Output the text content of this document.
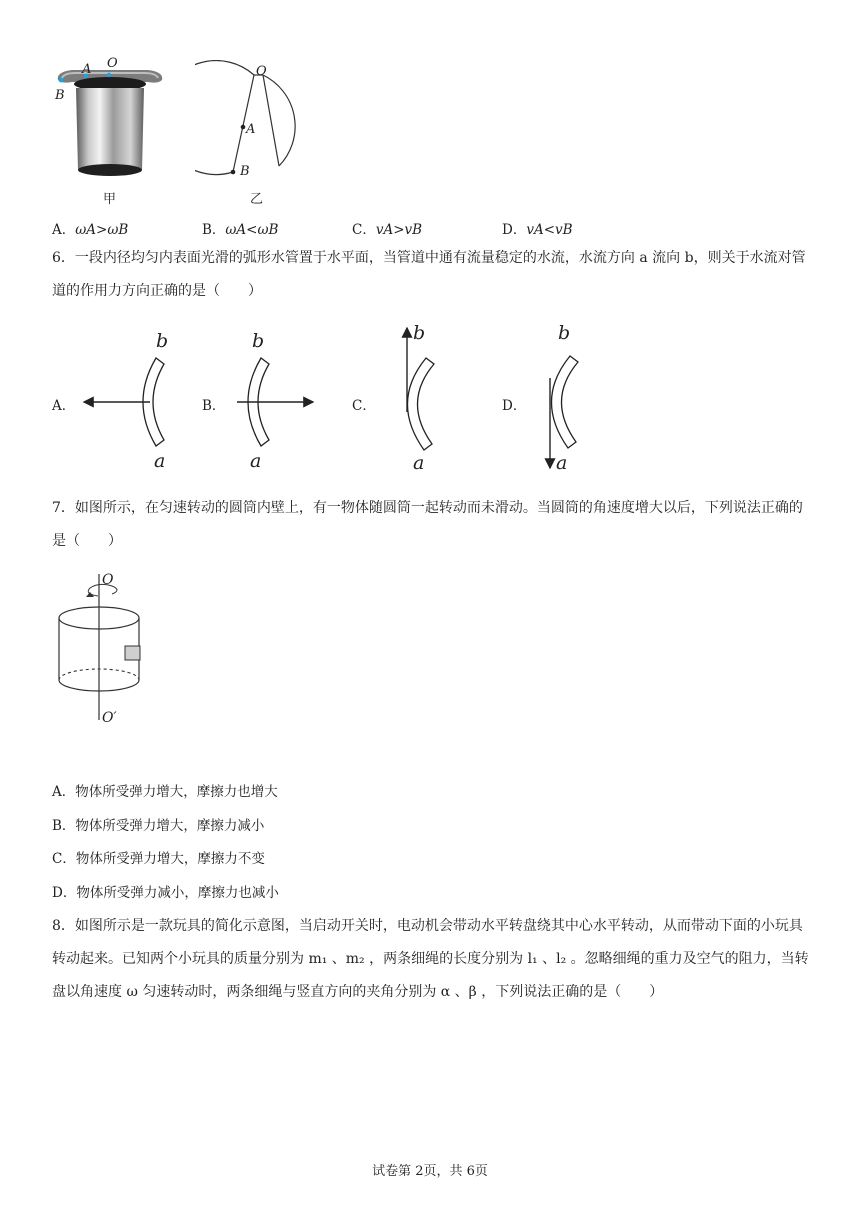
A O
B
甲
O
A
B
乙
A．ωA>ωB	B．ωA<ωB	C．vA>vB	D．vA<vB
6．一段内径均匀内表面光滑的弧形水管置于水平面，当管道中通有流量稳定的水流，水流方向 a 流向 b，则关于水流对管道的作用力方向正确的是（　　）
A．
b
a
B．
b
a
C．
b
a
D．
b
a
7．如图所示，在匀速转动的圆筒内壁上，有一物体随圆筒一起转动而未滑动。当圆筒的角速度增大以后，下列说法正确的是（　　）
O
O′
A．物体所受弹力增大，摩擦力也增大
B．物体所受弹力增大，摩擦力减小
C．物体所受弹力增大，摩擦力不变
D．物体所受弹力减小，摩擦力也减小
8．如图所示是一款玩具的简化示意图，当启动开关时，电动机会带动水平转盘绕其中心水平转动，从而带动下面的小玩具转动起来。已知两个小玩具的质量分别为 m₁ 、m₂ ，两条细绳的长度分别为 l₁ 、l₂ 。忽略细绳的重力及空气的阻力，当转盘以角速度 ω 匀速转动时，两条细绳与竖直方向的夹角分别为 α 、β ，下列说法正确的是（　　）
试卷第 2页，共 6页
